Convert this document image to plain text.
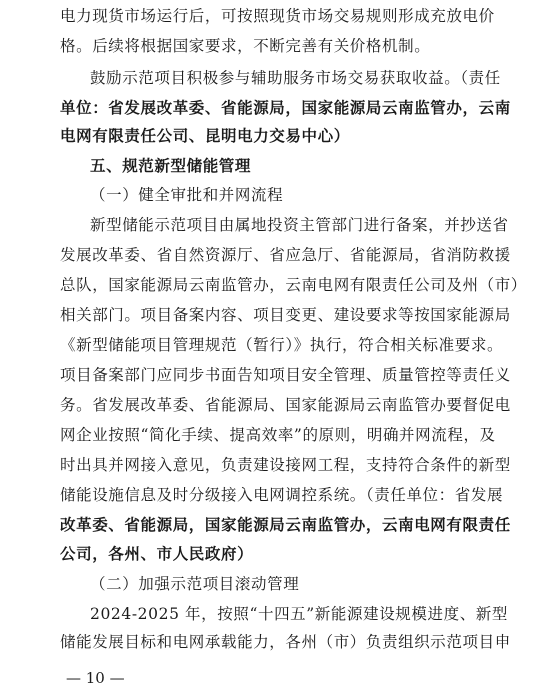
电力现货市场运行后，可按照现货市场交易规则形成充放电价
格。后续将根据国家要求，不断完善有关价格机制。
鼓励示范项目积极参与辅助服务市场交易获取收益。（责任
单位：省发展改革委、省能源局，国家能源局云南监管办，云南
电网有限责任公司、昆明电力交易中心）
五、规范新型储能管理
（一）健全审批和并网流程
新型储能示范项目由属地投资主管部门进行备案，并抄送省
发展改革委、省自然资源厅、省应急厅、省能源局，省消防救援
总队，国家能源局云南监管办，云南电网有限责任公司及州（市）
相关部门。项目备案内容、项目变更、建设要求等按国家能源局
《新型储能项目管理规范（暂行）》执行，符合相关标准要求。
项目备案部门应同步书面告知项目安全管理、质量管控等责任义
务。省发展改革委、省能源局、国家能源局云南监管办要督促电
网企业按照“简化手续、提高效率”的原则，明确并网流程，及
时出具并网接入意见，负责建设接网工程，支持符合条件的新型
储能设施信息及时分级接入电网调控系统。（责任单位：省发展
改革委、省能源局，国家能源局云南监管办，云南电网有限责任
公司，各州、市人民政府）
（二）加强示范项目滚动管理
2024-2025 年，按照“十四五”新能源建设规模进度、新型
储能发展目标和电网承载能力，各州（市）负责组织示范项目申
— 10 —
